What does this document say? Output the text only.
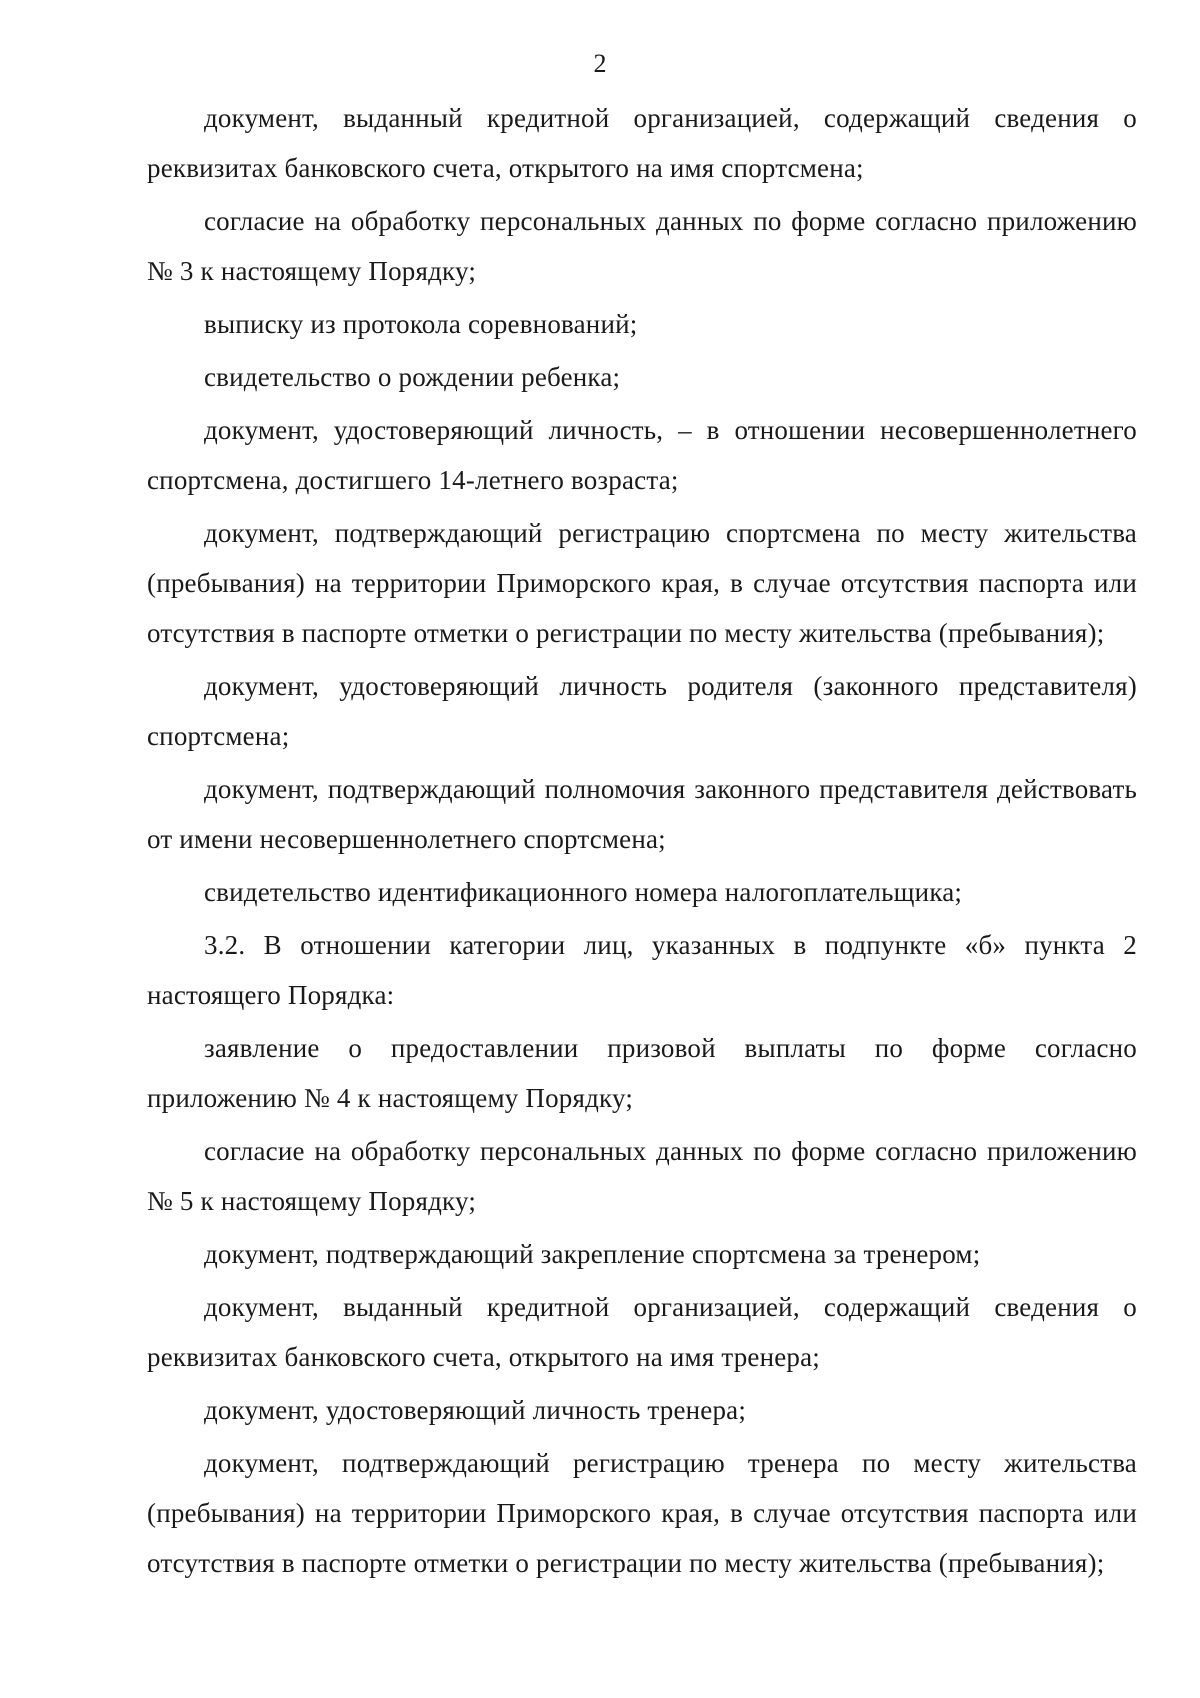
2

документ, выданный кредитной организацией, содержащий сведения о реквизитах банковского счета, открытого на имя спортсмена;

согласие на обработку персональных данных по форме согласно приложению № 3 к настоящему Порядку;

выписку из протокола соревнований;

свидетельство о рождении ребенка;

документ, удостоверяющий личность, – в отношении несовершеннолетнего спортсмена, достигшего 14-летнего возраста;

документ, подтверждающий регистрацию спортсмена по месту жительства (пребывания) на территории Приморского края, в случае отсутствия паспорта или отсутствия в паспорте отметки о регистрации по месту жительства (пребывания);

документ, удостоверяющий личность родителя (законного представителя) спортсмена;

документ, подтверждающий полномочия законного представителя действовать от имени несовершеннолетнего спортсмена;

свидетельство идентификационного номера налогоплательщика;

3.2. В отношении категории лиц, указанных в подпункте «б» пункта 2 настоящего Порядка:

заявление о предоставлении призовой выплаты по форме согласно приложению № 4 к настоящему Порядку;

согласие на обработку персональных данных по форме согласно приложению № 5 к настоящему Порядку;

документ, подтверждающий закрепление спортсмена за тренером;

документ, выданный кредитной организацией, содержащий сведения о реквизитах банковского счета, открытого на имя тренера;

документ, удостоверяющий личность тренера;

документ, подтверждающий регистрацию тренера по месту жительства (пребывания) на территории Приморского края, в случае отсутствия паспорта или отсутствия в паспорте отметки о регистрации по месту жительства (пребывания);
